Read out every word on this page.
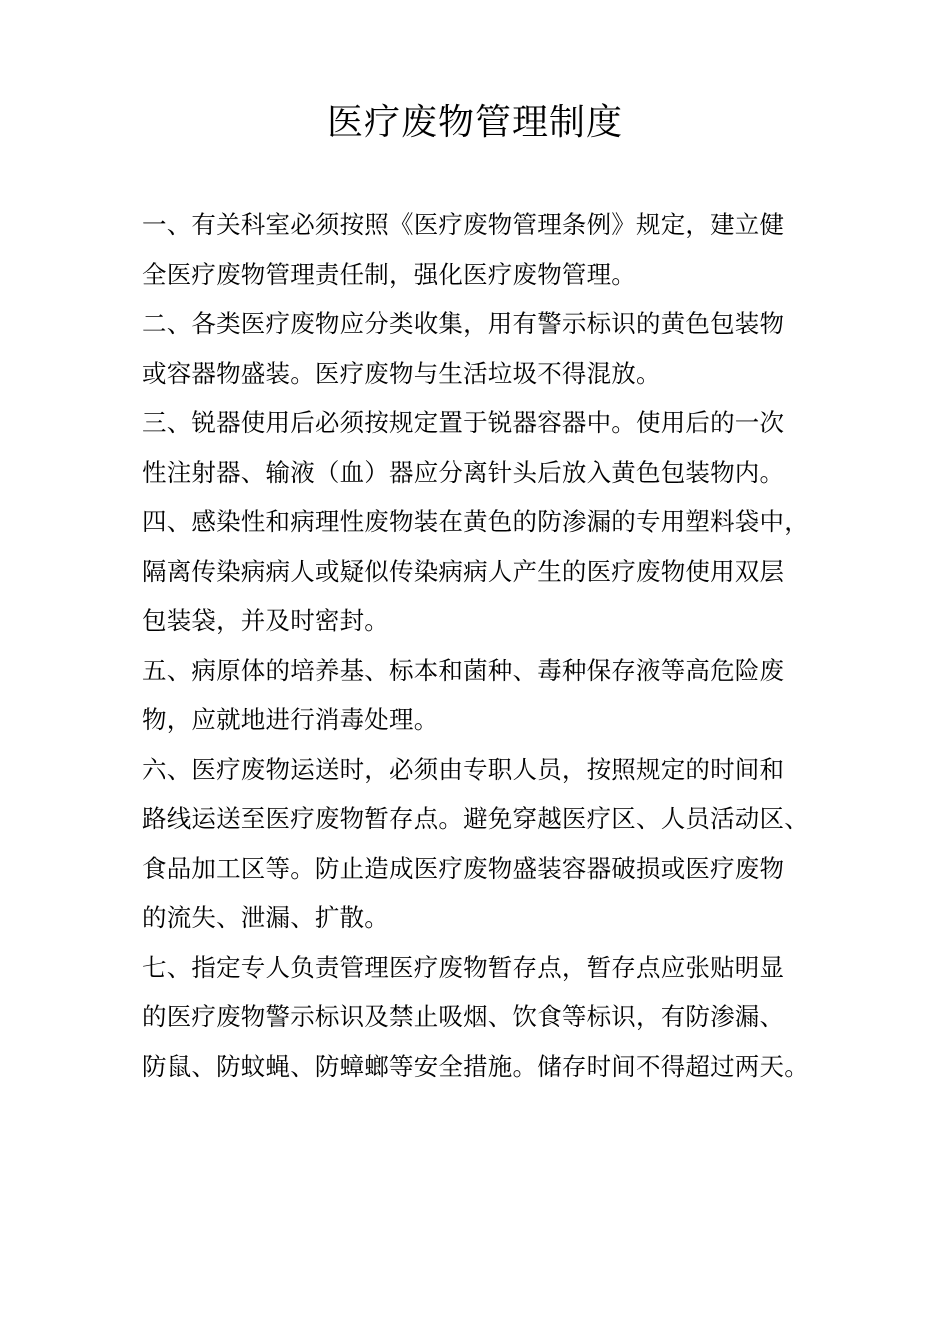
医疗废物管理制度
一、有关科室必须按照《医疗废物管理条例》规定，建立健
全医疗废物管理责任制，强化医疗废物管理。
二、各类医疗废物应分类收集，用有警示标识的黄色包装物
或容器物盛装。医疗废物与生活垃圾不得混放。
三、锐器使用后必须按规定置于锐器容器中。使用后的一次
性注射器、输液（血）器应分离针头后放入黄色包装物内。
四、感染性和病理性废物装在黄色的防渗漏的专用塑料袋中，
隔离传染病病人或疑似传染病病人产生的医疗废物使用双层
包装袋，并及时密封。
五、病原体的培养基、标本和菌种、毒种保存液等高危险废
物，应就地进行消毒处理。
六、医疗废物运送时，必须由专职人员，按照规定的时间和
路线运送至医疗废物暂存点。避免穿越医疗区、人员活动区、
食品加工区等。防止造成医疗废物盛装容器破损或医疗废物
的流失、泄漏、扩散。
七、指定专人负责管理医疗废物暂存点，暂存点应张贴明显
的医疗废物警示标识及禁止吸烟、饮食等标识，有防渗漏、
防鼠、防蚊蝇、防蟑螂等安全措施。储存时间不得超过两天。
